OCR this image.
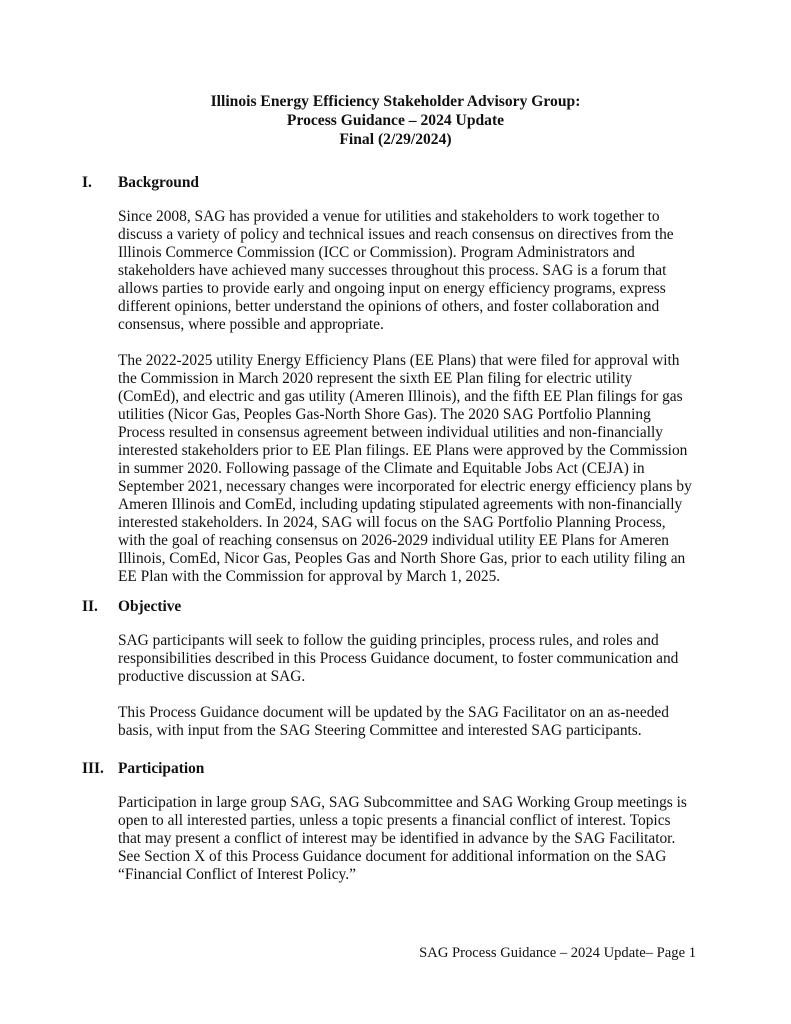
Illinois Energy Efficiency Stakeholder Advisory Group:
Process Guidance – 2024 Update
Final (2/29/2024)
I. Background
Since 2008, SAG has provided a venue for utilities and stakeholders to work together to
discuss a variety of policy and technical issues and reach consensus on directives from the
Illinois Commerce Commission (ICC or Commission). Program Administrators and
stakeholders have achieved many successes throughout this process. SAG is a forum that
allows parties to provide early and ongoing input on energy efficiency programs, express
different opinions, better understand the opinions of others, and foster collaboration and
consensus, where possible and appropriate.
The 2022-2025 utility Energy Efficiency Plans (EE Plans) that were filed for approval with
the Commission in March 2020 represent the sixth EE Plan filing for electric utility
(ComEd), and electric and gas utility (Ameren Illinois), and the fifth EE Plan filings for gas
utilities (Nicor Gas, Peoples Gas-North Shore Gas). The 2020 SAG Portfolio Planning
Process resulted in consensus agreement between individual utilities and non-financially
interested stakeholders prior to EE Plan filings. EE Plans were approved by the Commission
in summer 2020. Following passage of the Climate and Equitable Jobs Act (CEJA) in
September 2021, necessary changes were incorporated for electric energy efficiency plans by
Ameren Illinois and ComEd, including updating stipulated agreements with non-financially
interested stakeholders. In 2024, SAG will focus on the SAG Portfolio Planning Process,
with the goal of reaching consensus on 2026-2029 individual utility EE Plans for Ameren
Illinois, ComEd, Nicor Gas, Peoples Gas and North Shore Gas, prior to each utility filing an
EE Plan with the Commission for approval by March 1, 2025.
II. Objective
SAG participants will seek to follow the guiding principles, process rules, and roles and
responsibilities described in this Process Guidance document, to foster communication and
productive discussion at SAG.
This Process Guidance document will be updated by the SAG Facilitator on an as-needed
basis, with input from the SAG Steering Committee and interested SAG participants.
III. Participation
Participation in large group SAG, SAG Subcommittee and SAG Working Group meetings is
open to all interested parties, unless a topic presents a financial conflict of interest. Topics
that may present a conflict of interest may be identified in advance by the SAG Facilitator.
See Section X of this Process Guidance document for additional information on the SAG
“Financial Conflict of Interest Policy.”
SAG Process Guidance – 2024 Update– Page 1
